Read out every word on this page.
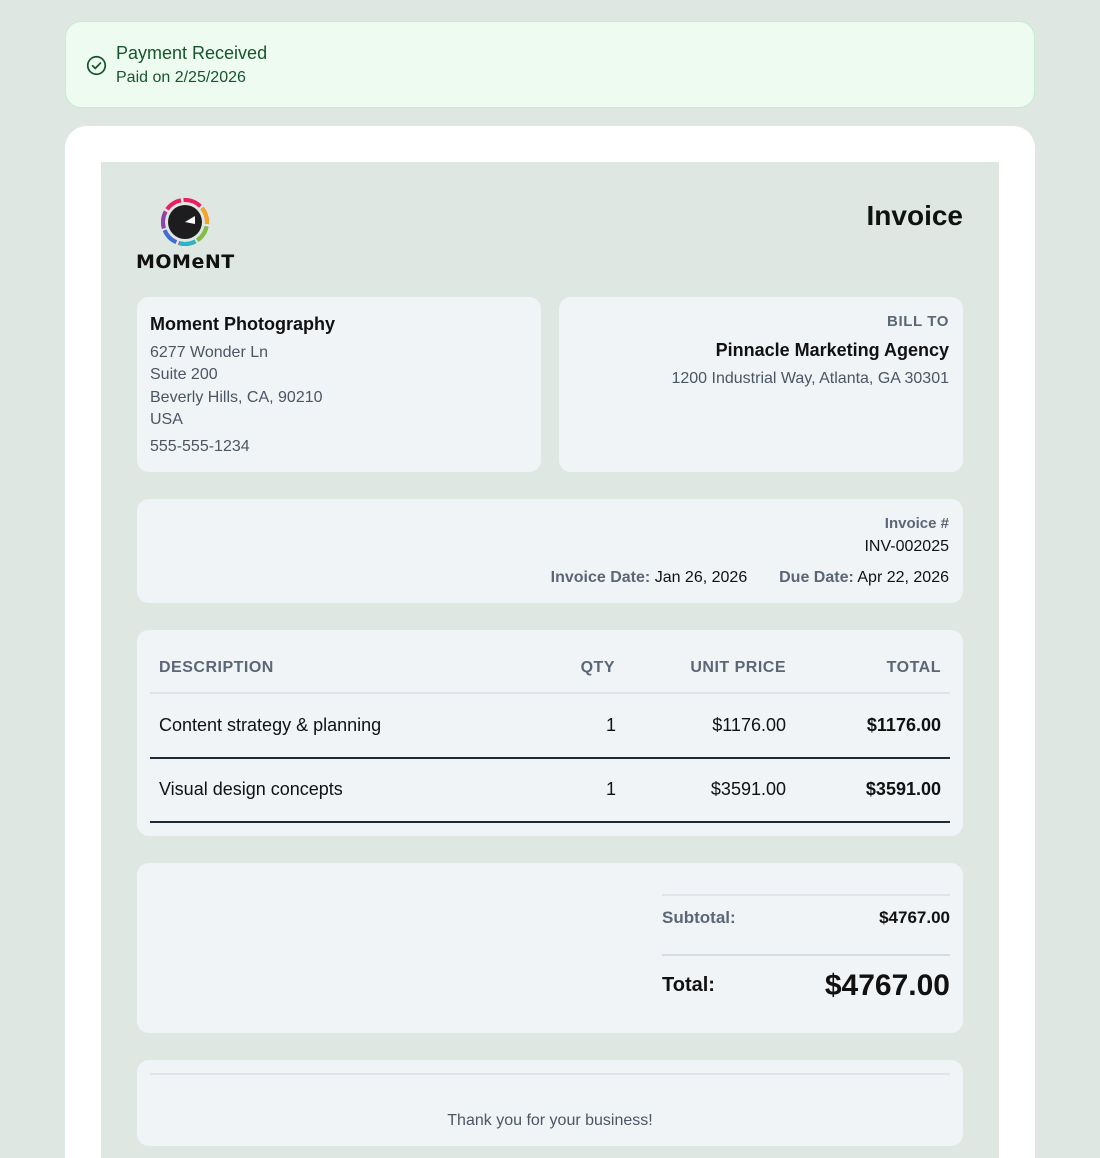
Payment Received
Paid on 2/25/2026
MOMeNT
Invoice
Moment Photography
6277 Wonder Ln
Suite 200
Beverly Hills, CA, 90210
USA
555-555-1234
BILL TO
Pinnacle Marketing Agency
1200 Industrial Way, Atlanta, GA 30301
Invoice #
INV-002025
Invoice Date: Jan 26, 2026 Due Date: Apr 22, 2026
DESCRIPTION	QTY	UNIT PRICE	TOTAL
Content strategy & planning	1	$1176.00	$1176.00
Visual design concepts	1	$3591.00	$3591.00
Subtotal:	$4767.00
Total:	$4767.00
Thank you for your business!
